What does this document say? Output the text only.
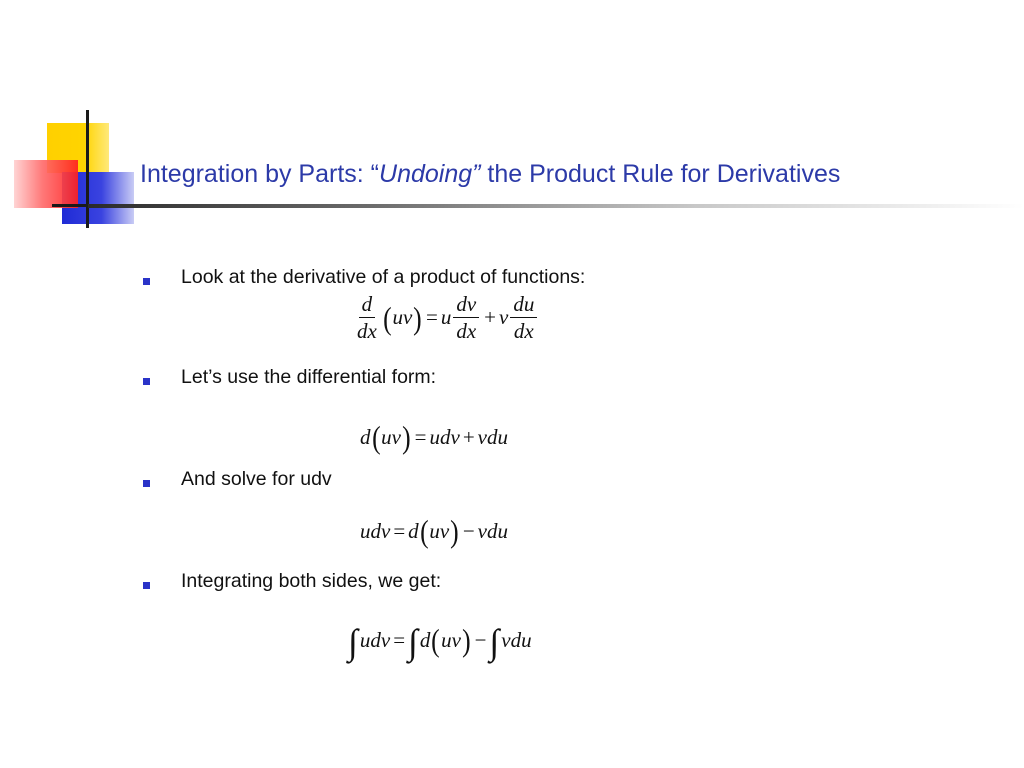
Integration by Parts: “Undoing” the Product Rule for Derivatives
Look at the derivative of a product of functions:
$\frac{d}{dx}$ ( uv ) = u $\frac{dv}{dx} + v \frac{du}{dx}$
Let’s use the differential form:
d ( uv ) = udv + vdu
And solve for udv
udv = d ( uv ) − vdu
Integrating both sides, we get:
∫ udv = ∫ d ( uv ) − ∫ vdu
